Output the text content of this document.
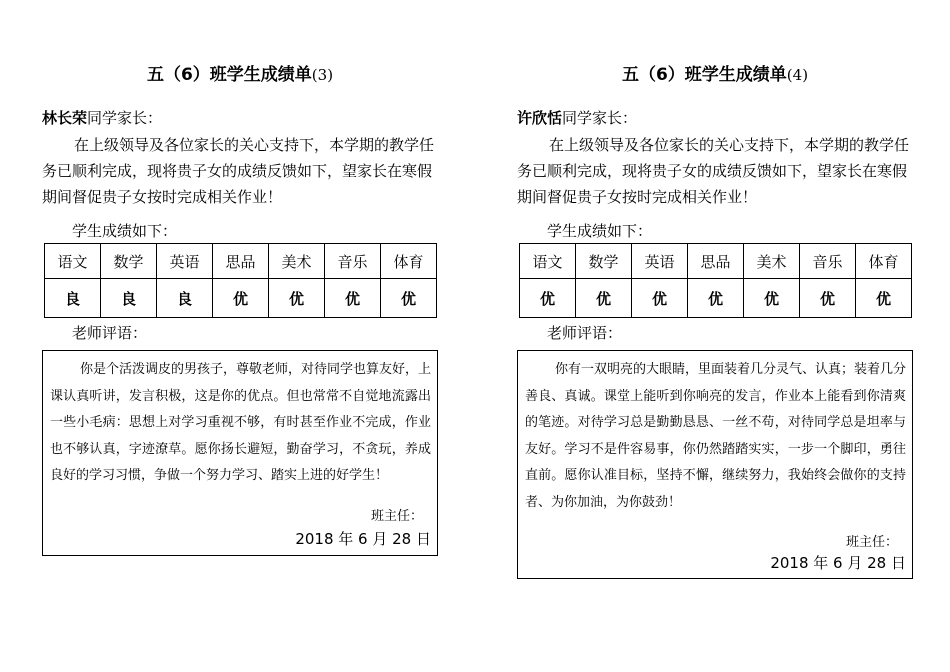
五（6）班学生成绩单(3)
林长荣同学家长：
在上级领导及各位家长的关心支持下，本学期的教学任务已顺利完成，现将贵子女的成绩反馈如下，望家长在寒假期间督促贵子女按时完成相关作业！
学生成绩如下：
语文	数学	英语	思品	美术	音乐	体育
良	良	良	优	优	优	优
老师评语：
你是个活泼调皮的男孩子，尊敬老师，对待同学也算友好，上课认真听讲，发言积极，这是你的优点。但也常常不自觉地流露出一些小毛病：思想上对学习重视不够，有时甚至作业不完成，作业也不够认真，字迹潦草。愿你扬长避短，勤奋学习，不贪玩，养成良好的学习习惯，争做一个努力学习、踏实上进的好学生！
班主任：
2018 年 6 月 28 日
五（6）班学生成绩单(4)
许欣恬同学家长：
在上级领导及各位家长的关心支持下，本学期的教学任务已顺利完成，现将贵子女的成绩反馈如下，望家长在寒假期间督促贵子女按时完成相关作业！
学生成绩如下：
语文	数学	英语	思品	美术	音乐	体育
优	优	优	优	优	优	优
老师评语：
你有一双明亮的大眼睛，里面装着几分灵气、认真；装着几分善良、真诚。课堂上能听到你响亮的发言，作业本上能看到你清爽的笔迹。对待学习总是勤勤恳恳、一丝不苟，对待同学总是坦率与友好。学习不是件容易事，你仍然踏踏实实，一步一个脚印，勇往直前。愿你认准目标，坚持不懈，继续努力，我始终会做你的支持者、为你加油，为你鼓劲！
班主任：
2018 年 6 月 28 日
